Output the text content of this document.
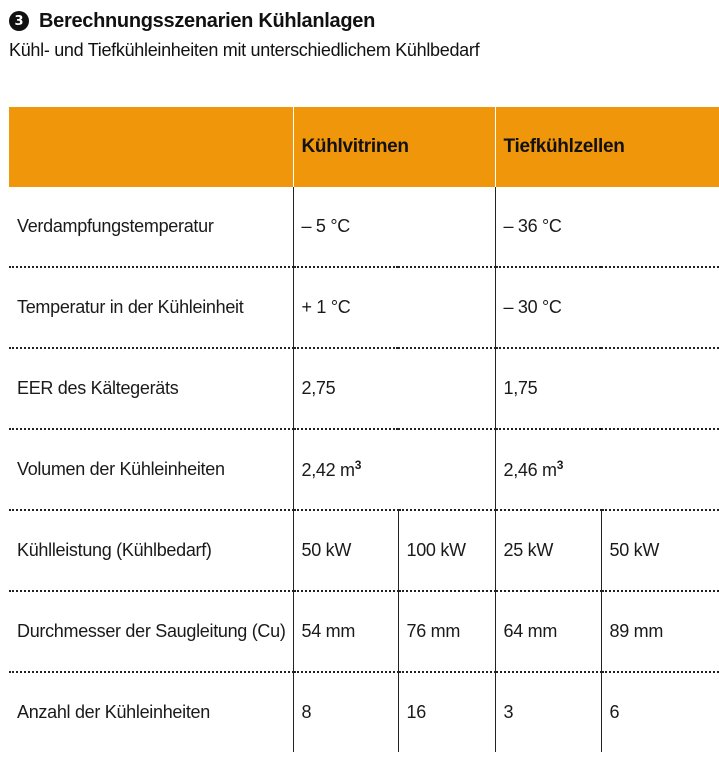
3 Berechnungsszenarien Kühlanlagen
Kühl- und Tiefkühleinheiten mit unterschiedlichem Kühlbedarf
	Kühlvitrinen		Tiefkühlzellen	
Verdampfungstemperatur	– 5 °C		– 36 °C	
Temperatur in der Kühleinheit	+ 1 °C		– 30 °C	
EER des Kältegeräts	2,75		1,75	
Volumen der Kühleinheiten	2,42 $m^3$		2,46 $m^3$
Kühlleistung (Kühlbedarf)	50 kW	100 kW	25 kW	50 kW
Durchmesser der Saugleitung (Cu)	54 mm	76 mm	64 mm	89 mm
Anzahl der Kühleinheiten	8	16	3	6
